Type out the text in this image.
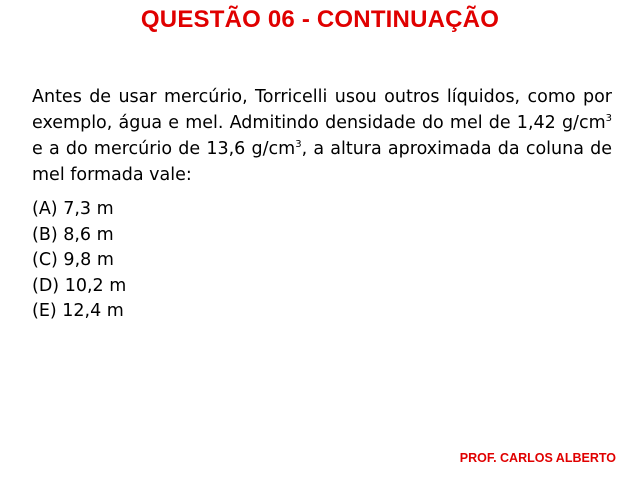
QUESTÃO 06 - CONTINUAÇÃO

Antes de usar mercúrio, Torricelli usou outros líquidos, como por exemplo, água e mel. Admitindo densidade do mel de 1,42 $g/cm^3$ e a do mercúrio de 13,6 $g/cm^3$, a altura aproximada da coluna de mel formada vale:

(A) 7,3 m
(B) 8,6 m
(C) 9,8 m
(D) 10,2 m
(E) 12,4 m
PROF. CARLOS ALBERTO
